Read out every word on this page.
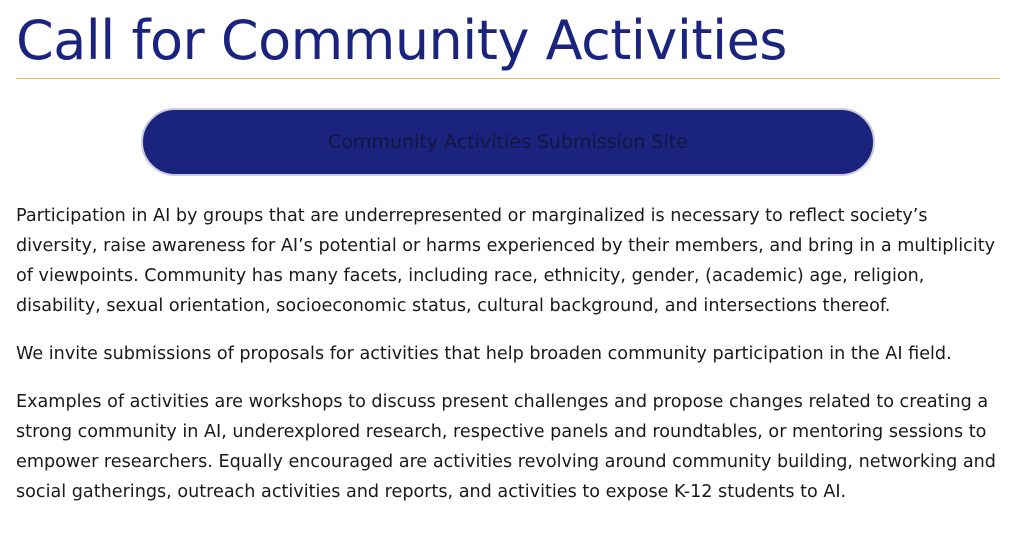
Call for Community Activities
Community Activities Submission Site

Participation in AI by groups that are underrepresented or marginalized is necessary to reflect society’s diversity, raise awareness for AI’s potential or harms experienced by their members, and bring in a multiplicity of viewpoints. Community has many facets, including race, ethnicity, gender, (academic) age, religion, disability, sexual orientation, socioeconomic status, cultural background, and intersections thereof.

We invite submissions of proposals for activities that help broaden community participation in the AI field.

Examples of activities are workshops to discuss present challenges and propose changes related to creating a strong community in AI, underexplored research, respective panels and roundtables, or mentoring sessions to empower researchers. Equally encouraged are activities revolving around community building, networking and social gatherings, outreach activities and reports, and activities to expose K-12 students to AI.
